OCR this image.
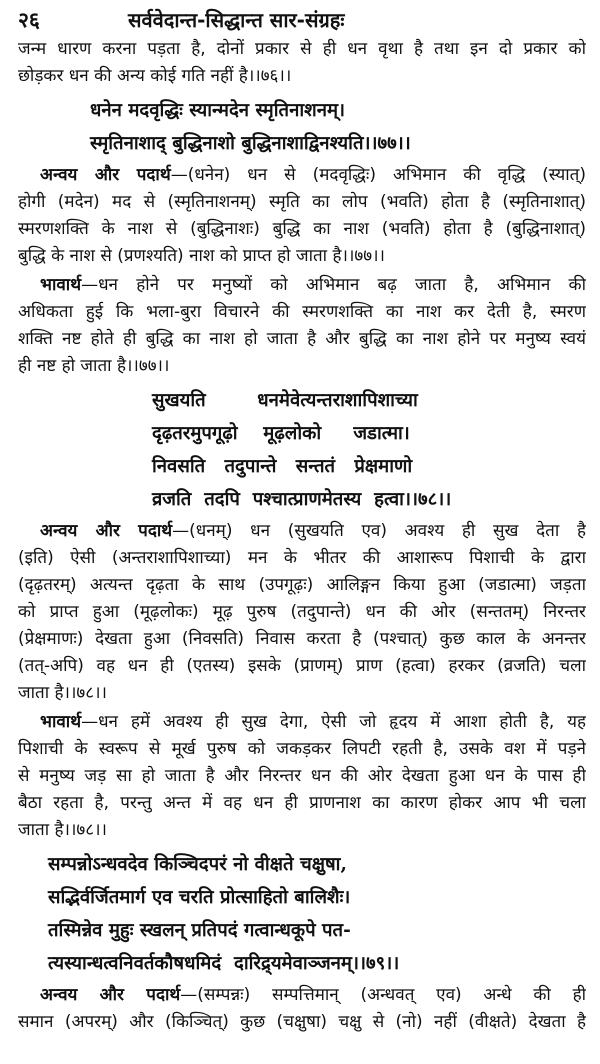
२६	सर्ववेदान्त-सिद्धान्त सार-संग्रहः
जन्म धारण करना पड़ता है, दोनों प्रकार से ही धन वृथा है तथा इन दो प्रकार को
छोड़कर धन की अन्य कोई गति नहीं है।।७६।।
धनेन मदवृद्धिः स्यान्मदेन स्मृतिनाशनम्।
स्मृतिनाशाद् बुद्धिनाशो बुद्धिनाशाद्विनश्यति।।७७।।
अन्वय और पदार्थ—(धनेन) धन से (मदवृद्धिः) अभिमान की वृद्धि (स्यात्)
होगी (मदेन) मद से (स्मृतिनाशनम्) स्मृति का लोप (भवति) होता है (स्मृतिनाशात्)
स्मरणशक्ति के नाश से (बुद्धिनाशः) बुद्धि का नाश (भवति) होता है (बुद्धिनाशात्)
बुद्धि के नाश से (प्रणश्यति) नाश को प्राप्त हो जाता है।।७७।।
भावार्थ—धन होने पर मनुष्यों को अभिमान बढ़ जाता है, अभिमान की
अधिकता हुई कि भला-बुरा विचारने की स्मरणशक्ति का नाश कर देती है, स्मरण
शक्ति नष्ट होते ही बुद्धि का नाश हो जाता है और बुद्धि का नाश होने पर मनुष्य स्वयं
ही नष्ट हो जाता है।।७७।।
सुखयति        धनमेवेत्यन्तराशापिशाच्या
दृढ़तरमुपगूढ़ो    मूढ़लोको     जडात्मा।
निवसति   तदुपान्ते   सन्ततं   प्रेक्षमाणो
व्रजति  तदपि  पश्चात्प्राणमेतस्य  हत्वा।।७८।।
अन्वय और पदार्थ—(धनम्) धन (सुखयति एव) अवश्य ही सुख देता है
(इति) ऐसी (अन्तराशापिशाच्या) मन के भीतर की आशारूप पिशाची के द्वारा
(दृढ़तरम्) अत्यन्त दृढ़ता के साथ (उपगूढ़ः) आलिङ्गन किया हुआ (जडात्मा) जड़ता
को प्राप्त हुआ (मूढ़लोकः) मूढ़ पुरुष (तदुपान्ते) धन की ओर (सन्ततम्) निरन्तर
(प्रेक्षमाणः) देखता हुआ (निवसति) निवास करता है (पश्चात्) कुछ काल के अनन्तर
(तत्-अपि) वह धन ही (एतस्य) इसके (प्राणम्) प्राण (हत्वा) हरकर (व्रजति) चला
जाता है।।७८।।
भावार्थ—धन हमें अवश्य ही सुख देगा, ऐसी जो हृदय में आशा होती है, यह
पिशाची के स्वरूप से मूर्ख पुरुष को जकड़कर लिपटी रहती है, उसके वश में पड़ने
से मनुष्य जड़ सा हो जाता है और निरन्तर धन की ओर देखता हुआ धन के पास ही
बैठा रहता है, परन्तु अन्त में वह धन ही प्राणनाश का कारण होकर आप भी चला
जाता है।।७८।।
सम्पन्नोऽन्धवदेव किञ्चिदपरं नो वीक्षते चक्षुषा,
सद्भिर्वर्जितमार्ग एव चरति प्रोत्साहितो बालिशैः।
तस्मिन्नेव मुहुः स्खलन् प्रतिपदं गत्वान्धकूपे पत-
त्यस्यान्धत्वनिवर्तकौषधमिदं  दारिद्र्यमेवाञ्जनम्।।७९।।
अन्वय और पदार्थ—(सम्पन्नः) सम्पत्तिमान् (अन्धवत् एव) अन्धे की ही
समान (अपरम्) और (किञ्चित्) कुछ (चक्षुषा) चक्षु से (नो) नहीं (वीक्षते) देखता है
